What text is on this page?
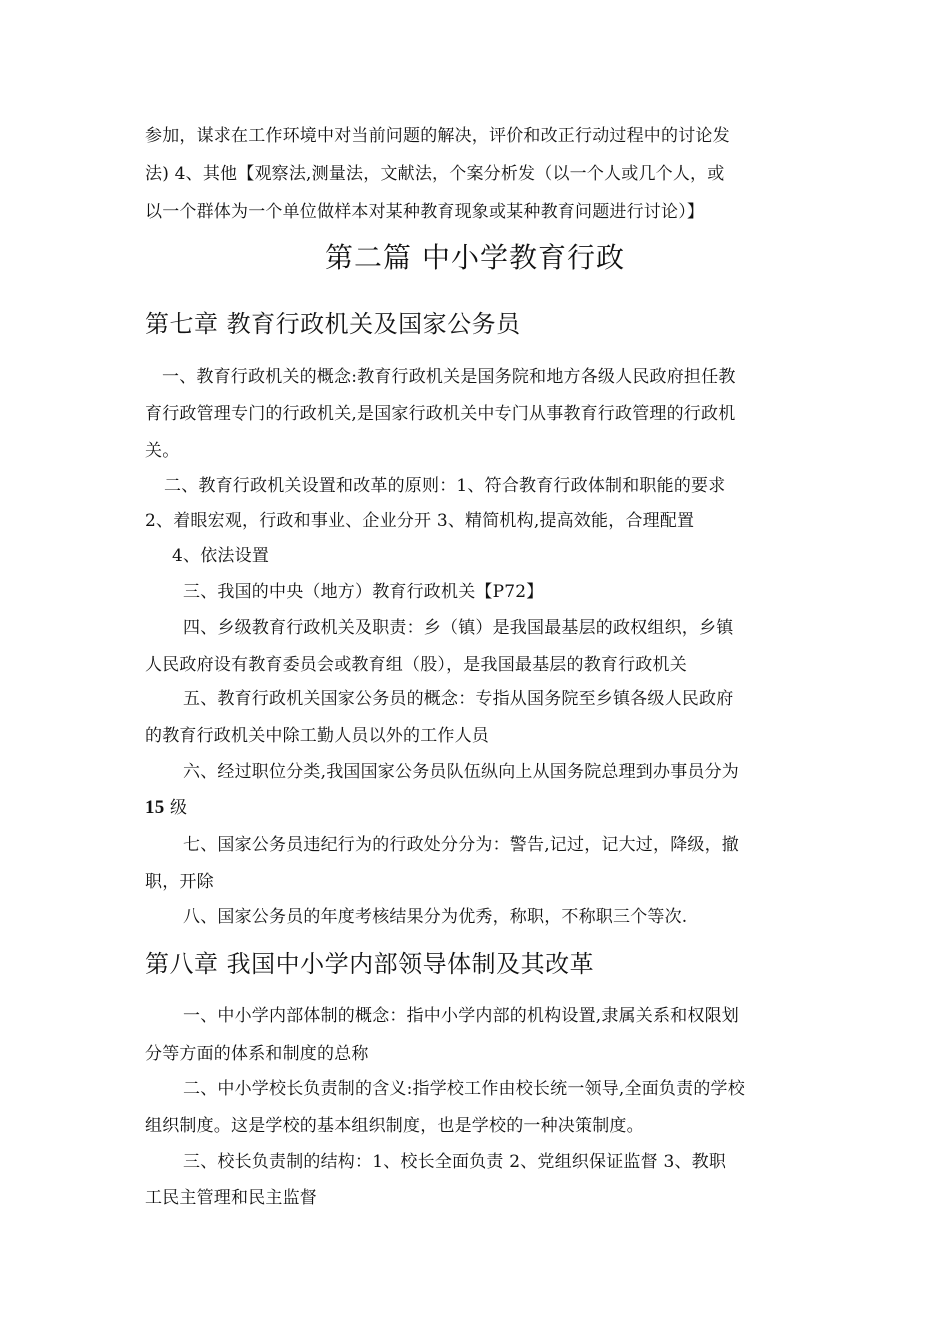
参加，谋求在工作环境中对当前问题的解决，评价和改正行动过程中的讨论发
法) 4、其他【观察法,测量法，文献法，个案分析发（以一个人或几个人，或
以一个群体为一个单位做样本对某种教育现象或某种教育问题进行讨论）】
第二篇 中小学教育行政
第七章 教育行政机关及国家公务员
一、教育行政机关的概念:教育行政机关是国务院和地方各级人民政府担任教
育行政管理专门的行政机关,是国家行政机关中专门从事教育行政管理的行政机
关。
二、教育行政机关设置和改革的原则：1、符合教育行政体制和职能的要求
2、着眼宏观，行政和事业、企业分开 3、精简机构,提高效能，合理配置
4、依法设置
三、我国的中央（地方）教育行政机关【P72】
四、乡级教育行政机关及职责：乡（镇）是我国最基层的政权组织，乡镇
人民政府设有教育委员会或教育组（股），是我国最基层的教育行政机关
五、教育行政机关国家公务员的概念：专指从国务院至乡镇各级人民政府
的教育行政机关中除工勤人员以外的工作人员
六、经过职位分类,我国国家公务员队伍纵向上从国务院总理到办事员分为
15 级
七、国家公务员违纪行为的行政处分分为：警告,记过，记大过，降级，撤
职，开除
八、国家公务员的年度考核结果分为优秀，称职，不称职三个等次.
第八章 我国中小学内部领导体制及其改革
一、中小学内部体制的概念：指中小学内部的机构设置,隶属关系和权限划
分等方面的体系和制度的总称
二、中小学校长负责制的含义:指学校工作由校长统一领导,全面负责的学校
组织制度。这是学校的基本组织制度，也是学校的一种决策制度。
三、校长负责制的结构：1、校长全面负责 2、党组织保证监督 3、教职
工民主管理和民主监督
